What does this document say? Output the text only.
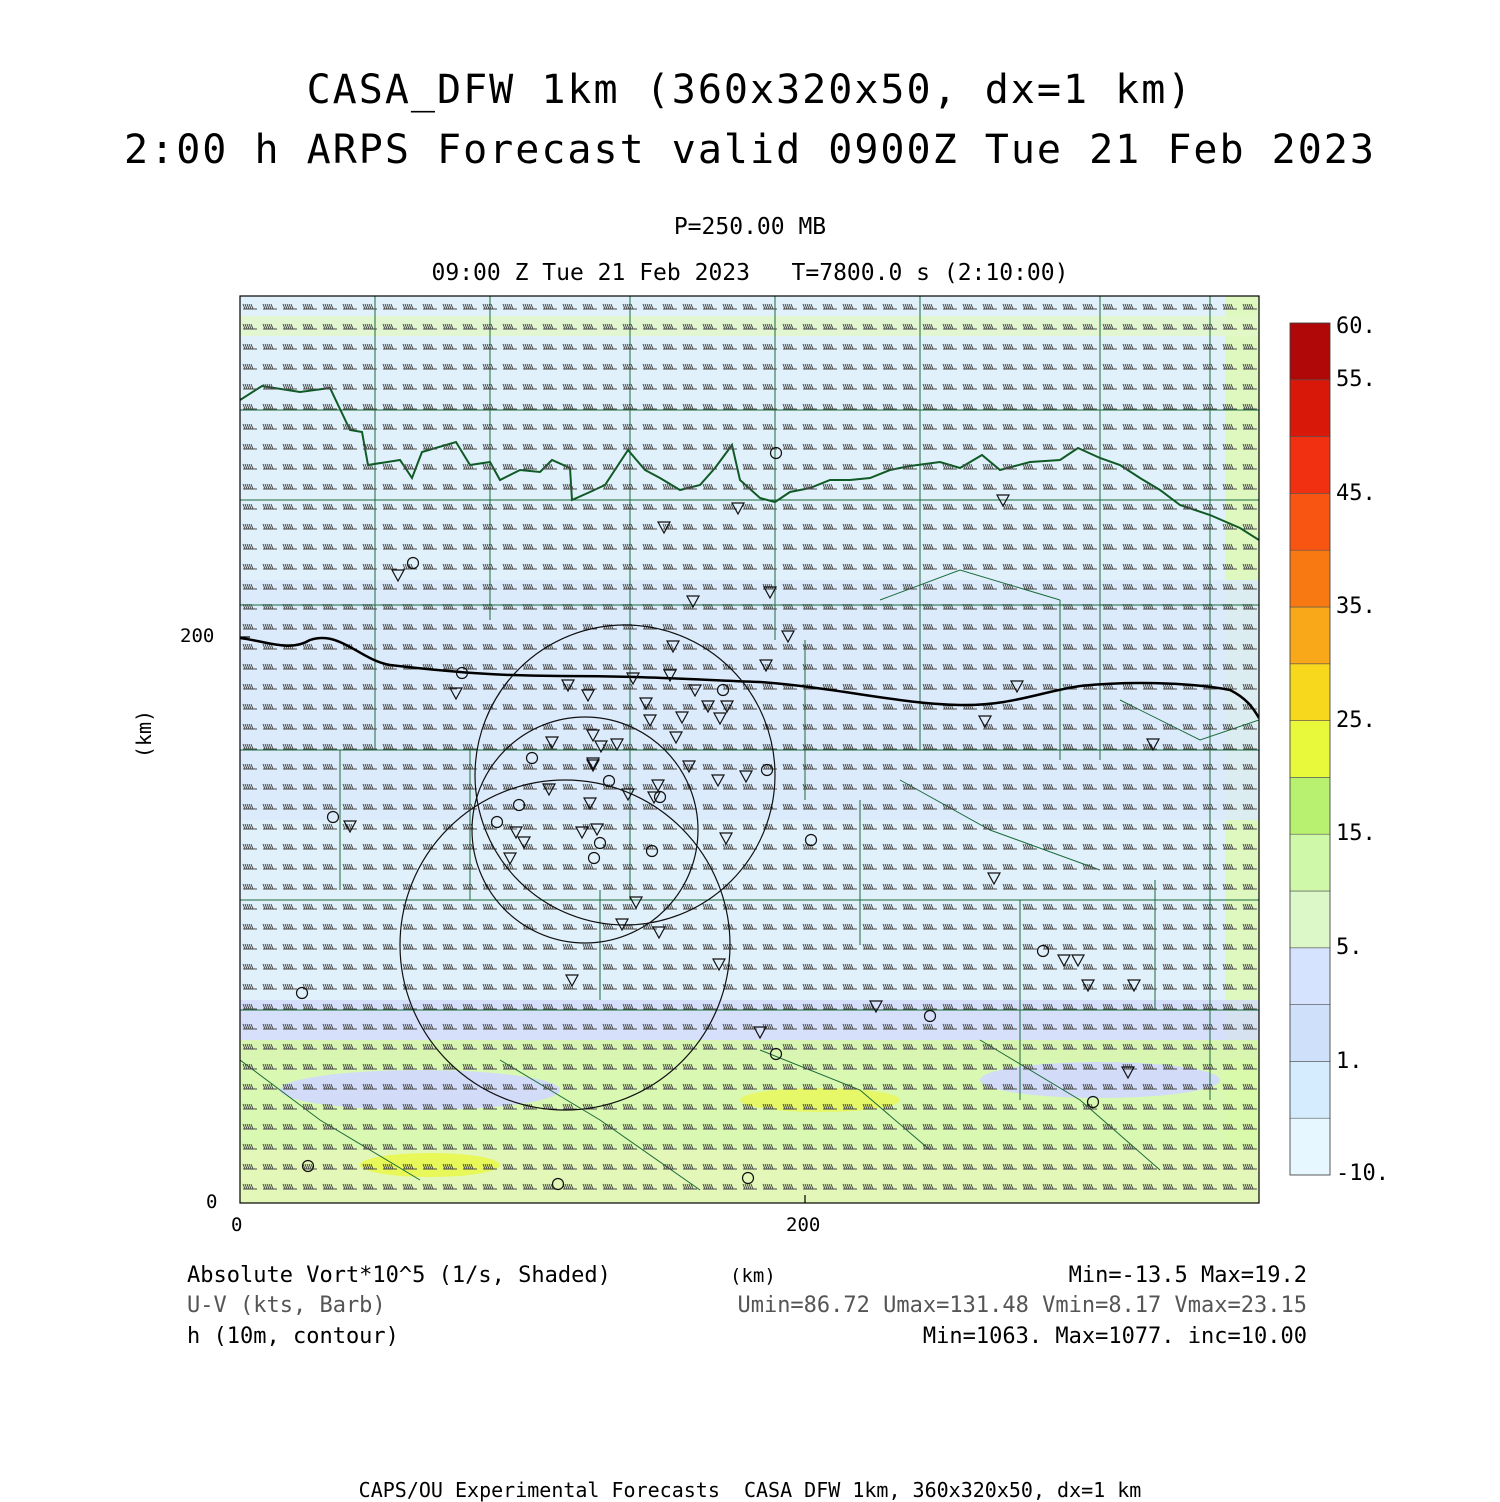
CASA_DFW 1km (360x320x50, dx=1 km)
2:00 h ARPS Forecast valid 0900Z Tue 21 Feb 2023
P=250.00 MB
09:00 Z Tue 21 Feb 2023   T=7800.0 s (2:10:00)
(km)
200
0
0	200
60.
55.
45.
35.
25.
15.
5.
1.
-10.
Absolute Vort*10^5 (1/s, Shaded)	(km)	Min=-13.5 Max=19.2
U-V (kts, Barb)	Umin=86.72 Umax=131.48 Vmin=8.17 Vmax=23.15
h (10m, contour)	Min=1063. Max=1077. inc=10.00
CAPS/OU Experimental Forecasts  CASA DFW 1km, 360x320x50, dx=1 km
